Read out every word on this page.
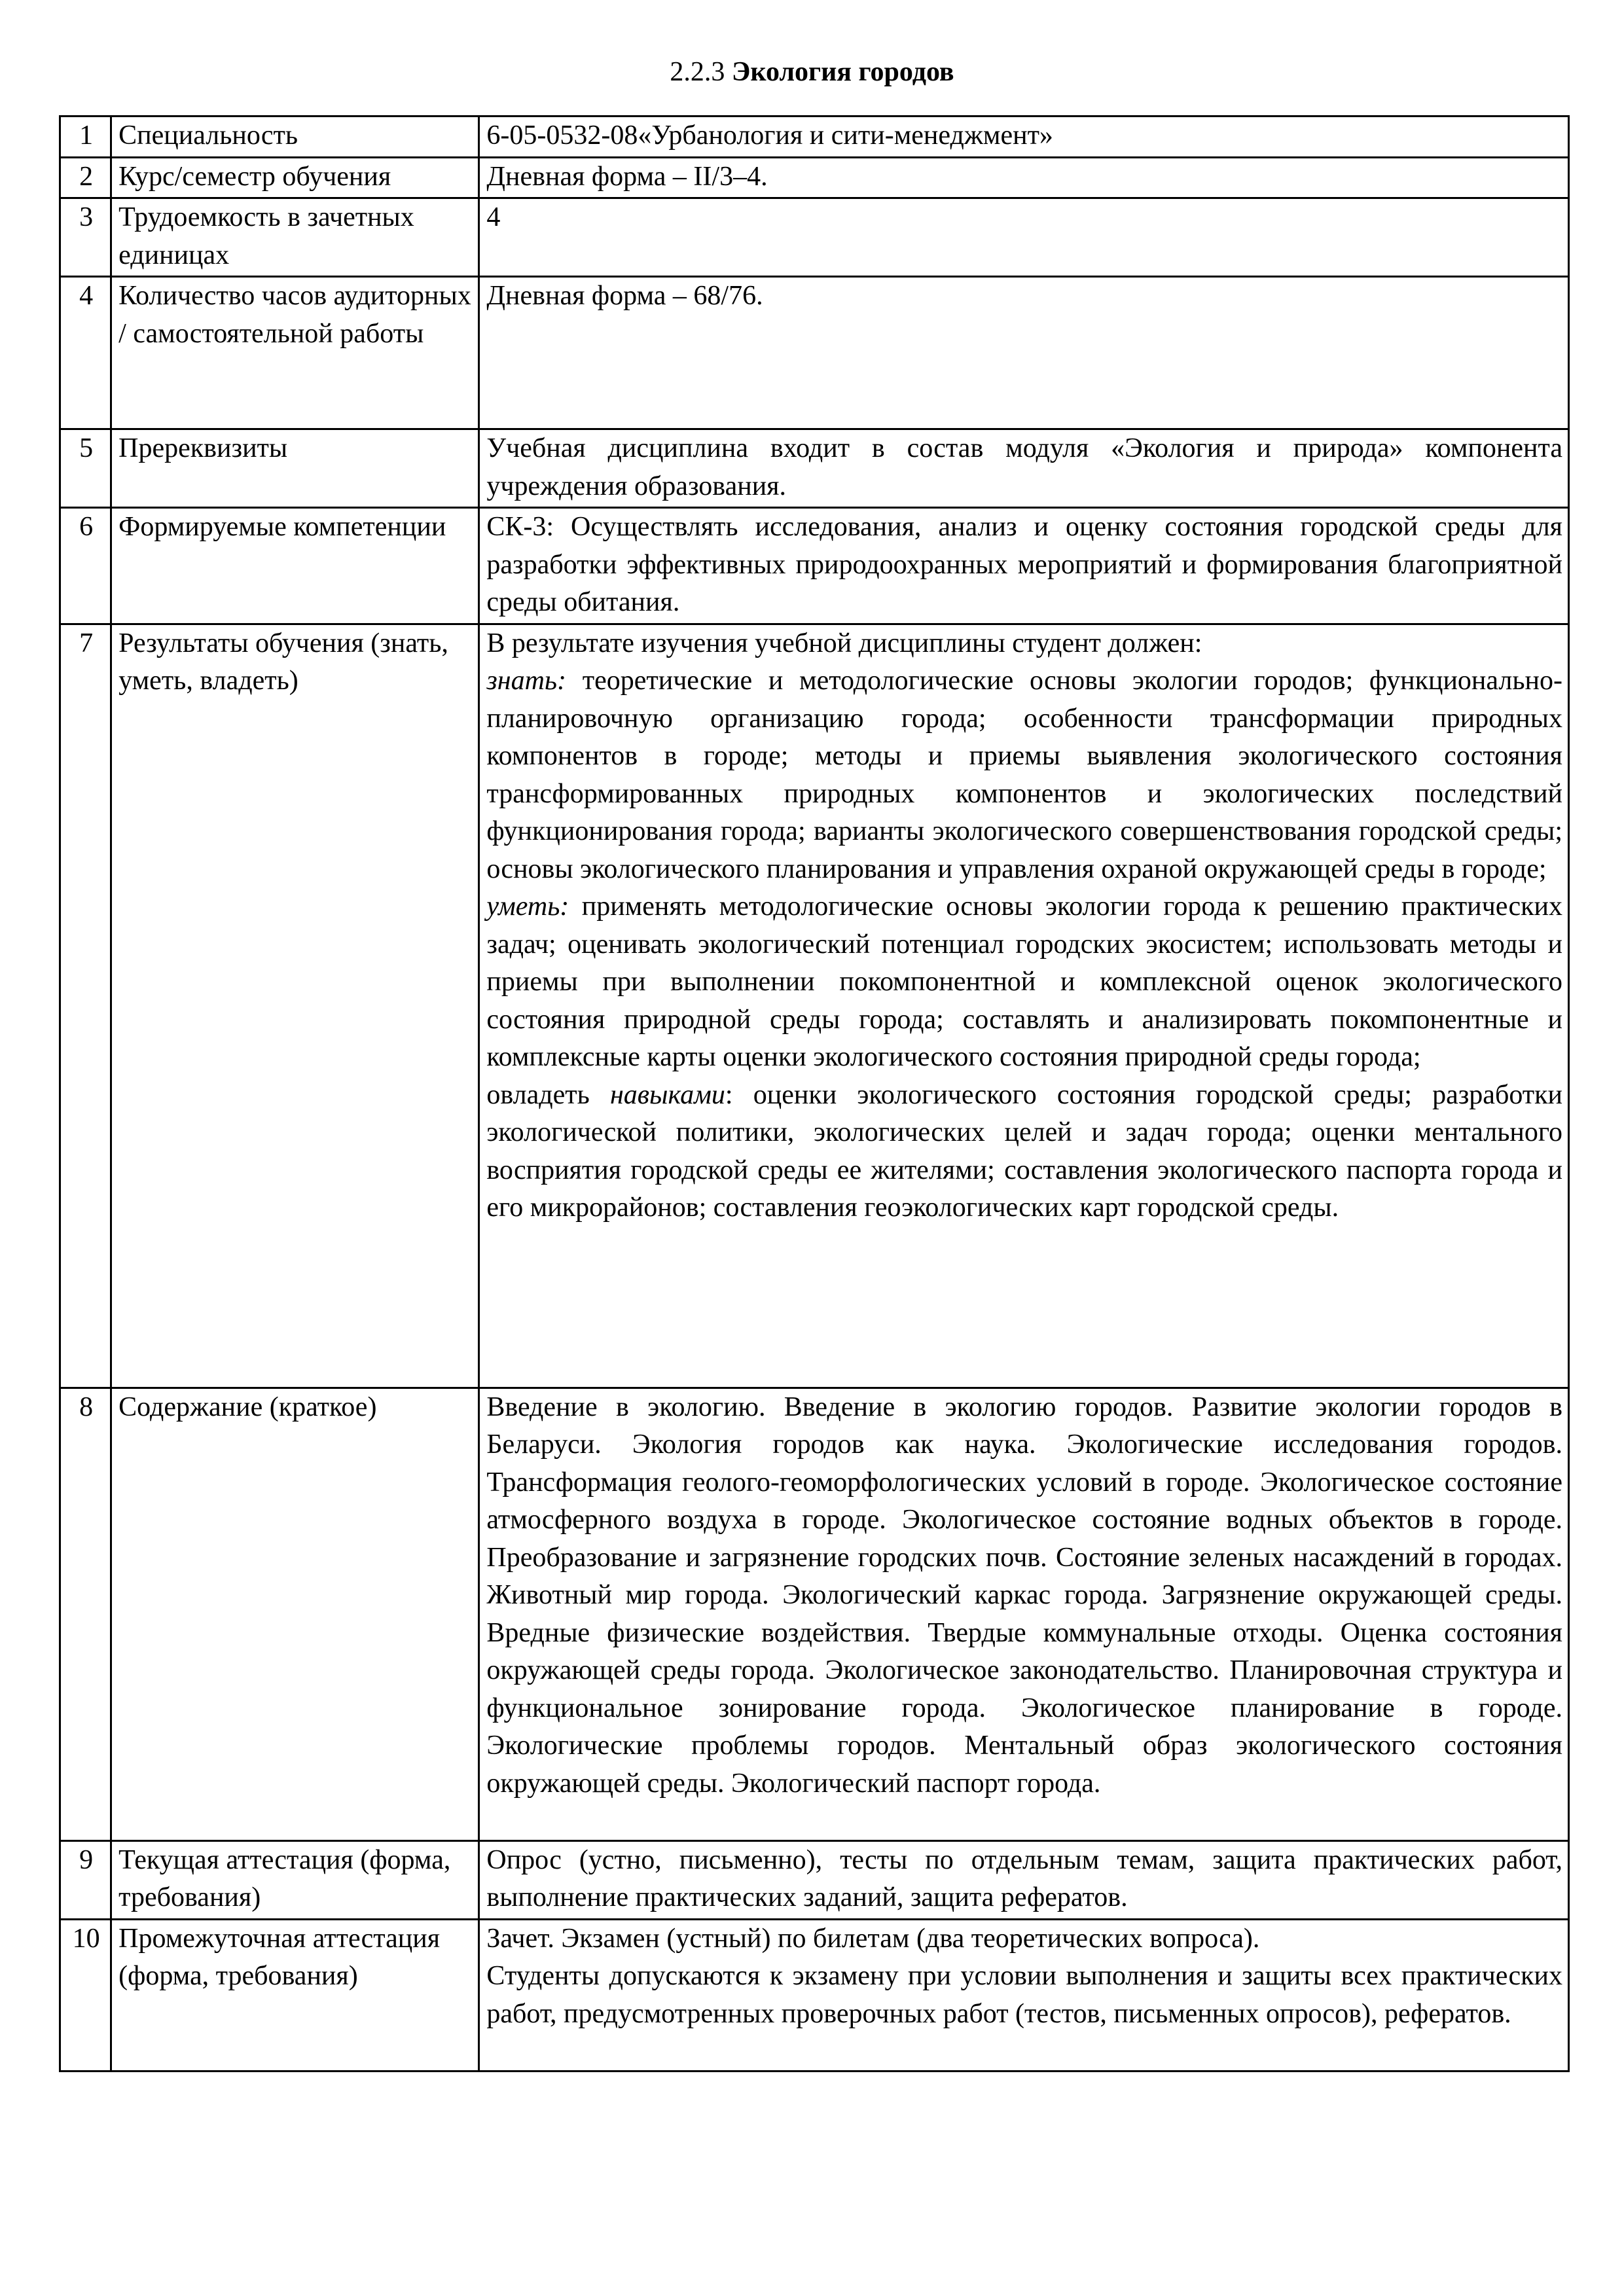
2.2.3 Экология городов
1	Специальность	6-05-0532-08«Урбанология и сити-менеджмент»
2	Курс/семестр обучения	Дневная форма – II/3–4.
3	Трудоемкость в зачетных единицах	4
4	Количество часов аудиторных / самостоятельной работы	Дневная форма – 68/76.
5	Пререквизиты	Учебная дисциплина входит в состав модуля «Экология и природа» компонента учреждения образования.
6	Формируемые компетенции	СК-3: Осуществлять исследования, анализ и оценку состояния городской среды для разработки эффективных природоохранных мероприятий и формирования благоприятной среды обитания.
7	Результаты обучения (знать, уметь, владеть)	В результате изучения учебной дисциплины студент должен:
знать: теоретические и методологические основы экологии городов; функционально-планировочную организацию города; особенности трансформации природных компонентов в городе; методы и приемы выявления экологического состояния трансформированных природных компонентов и экологических последствий функционирования города; варианты экологического совершенствования городской среды; основы экологического планирования и управления охраной окружающей среды в городе;
уметь: применять методологические основы экологии города к решению практических задач; оценивать экологический потенциал городских экосистем; использовать методы и приемы при выполнении покомпонентной и комплексной оценок экологического состояния природной среды города; составлять и анализировать покомпонентные и комплексные карты оценки экологического состояния природной среды города;
овладеть навыками: оценки экологического состояния городской среды; разработки экологической политики, экологических целей и задач города; оценки ментального восприятия городской среды ее жителями; составления экологического паспорта города и его микрорайонов; составления геоэкологических карт городской среды.

8	Содержание (краткое)	Введение в экологию. Введение в экологию городов. Развитие экологии городов в Беларуси. Экология городов как наука. Экологические исследования городов. Трансформация геолого-геоморфологических условий в городе. Экологическое состояние атмосферного воздуха в городе. Экологическое состояние водных объектов в городе. Преобразование и загрязнение городских почв. Состояние зеленых насаждений в городах. Животный мир города. Экологический каркас города. Загрязнение окружающей среды. Вредные физические воздействия. Твердые коммунальные отходы. Оценка состояния окружающей среды города. Экологическое законодательство. Планировочная структура и функциональное зонирование города. Экологическое планирование в городе. Экологические проблемы городов. Ментальный образ экологического состояния окружающей среды. Экологический паспорт города.
9	Текущая аттестация (форма, требования)	Опрос (устно, письменно), тесты по отдельным темам, защита практических работ, выполнение практических заданий, защита рефератов.
10	Промежуточная аттестация (форма, требования)	Зачет. Экзамен (устный) по билетам (два теоретических вопроса).
Студенты допускаются к экзамену при условии выполнения и защиты всех практических работ, предусмотренных проверочных работ (тестов, письменных опросов), рефератов.
